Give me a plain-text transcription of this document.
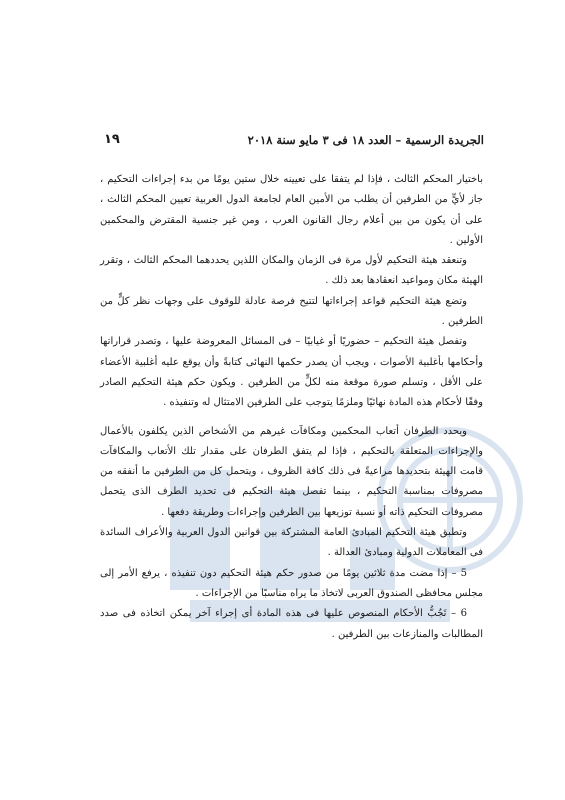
الجريدة الرسمية – العدد ١٨ فى ٣ مايو سنة ٢٠١٨
١٩

باختيار المحكم الثالث ، فإذا لم يتفقا على تعيينه خلال ستين يومًا من بدء إجراءات التحكيم ، جاز لأيٍّ من الطرفين أن يطلب من الأمين العام لجامعة الدول العربية تعيين المحكم الثالث ، على أن يكون من بين أعلام رجال القانون العرب ، ومن غير جنسية المقترض والمحكمين الأولين .

وتنعقد هيئة التحكيم لأول مرة فى الزمان والمكان اللذين يحددهما المحكم الثالث ، وتقرر الهيئة مكان ومواعيد انعقادها بعد ذلك .

وتضع هيئة التحكيم قواعد إجراءاتها لتتيح فرصة عادلة للوقوف على وجهات نظر كلٍّ من الطرفين .

وتفصل هيئة التحكيم – حضوريًا أو غيابيًا – فى المسائل المعروضة عليها ، وتصدر قراراتها وأحكامها بأغلبية الأصوات ، ويجب أن يصدر حكمها النهائى كتابةً وأن يوقع عليه أغلبية الأعضاء على الأقل ، وتسلم صورة موقعة منه لكلٍّ من الطرفين . ويكون حكم هيئة التحكيم الصادر وفقًا لأحكام هذه المادة نهائيًا وملزمًا يتوجب على الطرفين الامتثال له وتنفيذه .

ويحدد الطرفان أتعاب المحكمين ومكافآت غيرهم من الأشخاص الذين يكلفون بالأعمال والإجراءات المتعلقة بالتحكيم ، فإذا لم يتفق الطرفان على مقدار تلك الأتعاب والمكافآت قامت الهيئة بتحديدها مراعيةً فى ذلك كافة الظروف ، ويتحمل كل من الطرفين ما أنفقه من مصروفات بمناسبة التحكيم ، بينما تفصل هيئة التحكيم فى تحديد الطرف الذى يتحمل مصروفات التحكيم ذاته أو نسبة توزيعها بين الطرفين وإجراءات وطريقة دفعها .

وتطبق هيئة التحكيم المبادئ العامة المشتركة بين قوانين الدول العربية والأعراف السائدة فى المعاملات الدولية ومبادئ العدالة .

5 – إذا مضت مدة ثلاثين يومًا من صدور حكم هيئة التحكيم دون تنفيذه ، يرفع الأمر إلى مجلس محافظى الصندوق العربى لاتخاذ ما يراه مناسبًا من الإجراءات .

6 – تَجُبُّ الأحكام المنصوص عليها فى هذه المادة أى إجراء آخر يمكن اتخاذه فى صدد المطالبات والمنازعات بين الطرفين .
